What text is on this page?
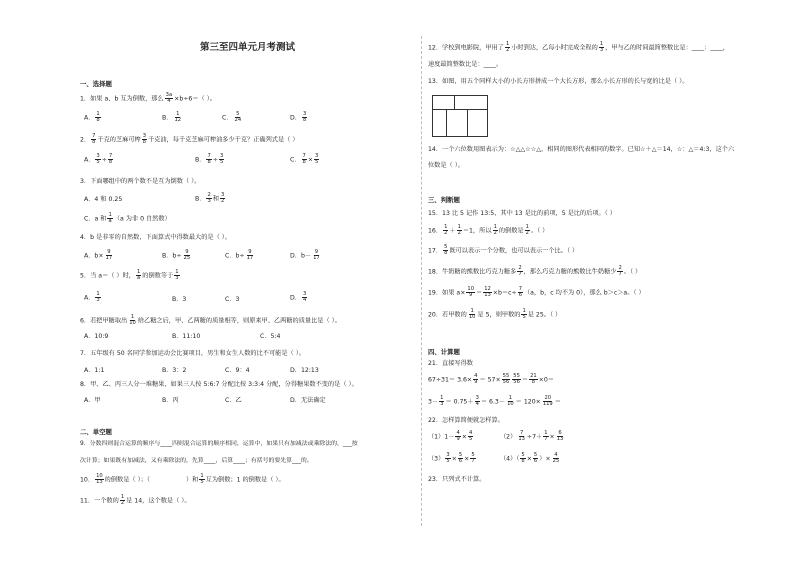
第三至四单元月考测试
一、选择题
1．如果 a、b 互为倒数，那么 $\frac{3a}{4} \times b\div 6=$（ ）。
A． $\frac{1}{8}$	B． $\frac{1}{12}$	C． $\frac{5}{24}$	D． $\frac{3}{8}$
2． $\frac{7}{8}$ 千克的芝麻可榨 $\frac{3}{8}$ 千克油，每千克芝麻可榨油多少千克？正确列式是（ ）
A． $\frac{3}{5} \div \frac{7}{8}$	B． $\frac{7}{8} \div \frac{3}{5}$	C． $\frac{7}{8} \times \frac{3}{5}$
3．下面哪组中的两个数不是互为倒数（ ）。
A．4 和 0.25	B． $\frac{2}{3}$ 和 $\frac{3}{2}$
C．a 和 $\frac{1}{a} (a$ 为非 0 自然数）
4．b 是非零的自然数，下面算式中得数最大的是（ ）。
A．$b\times \frac{9}{17}$	B．$b\div \frac{9}{25}$	C．$b\div \frac{9}{17}$	D．$b- \frac{9}{17}$
5．当 a＝（ ）时， $\frac{1}{a}$ 的倒数等于 $\frac{1}{3}$
A． $\frac{1}{3}$	B．3	C．3	D． $\frac{3}{4}$
6．若把甲糖取出 $\frac{1}{10}$ 给乙糖之后，甲、乙两糖的质量相等，则原来甲、乙两糖的质量比是（ ）。
A．10:9	B．11:10	C．5:4
7．五年级有 50 名同学参加运动会比赛项目，男生和女生人数的比不可能是（ ）。
A．1:1	B．3：2	C．9：4	D．12:13
8．甲、乙、丙三人分一堆糖果，如果三人按 5:6:7 分配比按 3:3:4 分配，分得糖果数不变的是（ ）。
A．甲	B．丙	C．乙	D．无法确定
二、单空题
9．分数四则混合运算的顺序与____四则混合运算的顺序相同，运算中，如果只有加减法或乘除法的，___按
次计算；如果既有加减法，又有乘除法的，先算____，后算____；有括号的要先算___的。
10． $\frac{10}{13}$ 的倒数是（ ）；（	）和 $\frac{1}{5}$ 互为倒数；1 的倒数是（ ）。
11．一个数的 $\frac{1}{2}$ 是 14，这个数是（ ）。
12．学校到电影院，甲用了 $\frac{1}{2}$ 小时到达，乙每小时完成全程的 $\frac{1}{3}$ ，甲与乙的时间最简整数比是：____：____，
速度最简整数比是：____。
13．如图，用五个同样大小的小长方形拼成一个大长方形，那么小长方形的长与宽的比是（ ）。
14．一个六位数用图表示为：☆△△☆☆△，相同的图形代表相同的数字。已知☆＋△＝14，☆：△＝4:3，这个六
位数是（ ）。
三、判断题
15．13 比 5 记作 13:5，其中 13 是比的前项，5 是比的后项。（ ）
16． $\frac{1}{2} + \frac{1}{2} =1$，所以 $\frac{1}{2}$ 的倒数是 $\frac{1}{2}$ 。（ ）
17． $\frac{5}{8}$ 既可以表示一个分数，也可以表示一个比。（ ）
18．牛奶糖的熊数比巧克力糖多 $\frac{2}{7}$ ，那么巧克力糖的熊数比牛奶糖少 $\frac{2}{7}$ 。（ ）
19．如果 $a\times \frac{10}{9} = \frac{12}{13} \times b=c\div \frac{7}{6} (a$，b，c 均不为 0），那么 b＞c＞a。（ ）
20．若甲数的 $\frac{1}{10}$ 是 5，则甲数的 $\frac{1}{5}$ 是 25。（ ）
四、计算题
21．直接写得数
$67\div 31= 3.6\times \frac{4}{9} = 57\times \frac{55}{56} \frac{55}{56} = \frac{21}{8} \times 0=$
$3- \frac{1}{3} = 0.75+ \frac{3}{4} = 6.3- \frac{1}{10} = 120\times \frac{20}{119}$ ＝
22．怎样算简便就怎样算。
$(1)1- \frac{4}{9} \times \frac{4}{5}$	$(2) \frac{7}{13} \div 7+ \frac{1}{7} \times \frac{6}{13}$
$(3) \frac{3}{5} \times \frac{5}{6} \times \frac{5}{7}$	$(4)( \frac{5}{8} \times \frac{5}{6}$ ）× $\frac{4}{25}$
23．只列式不计算。
